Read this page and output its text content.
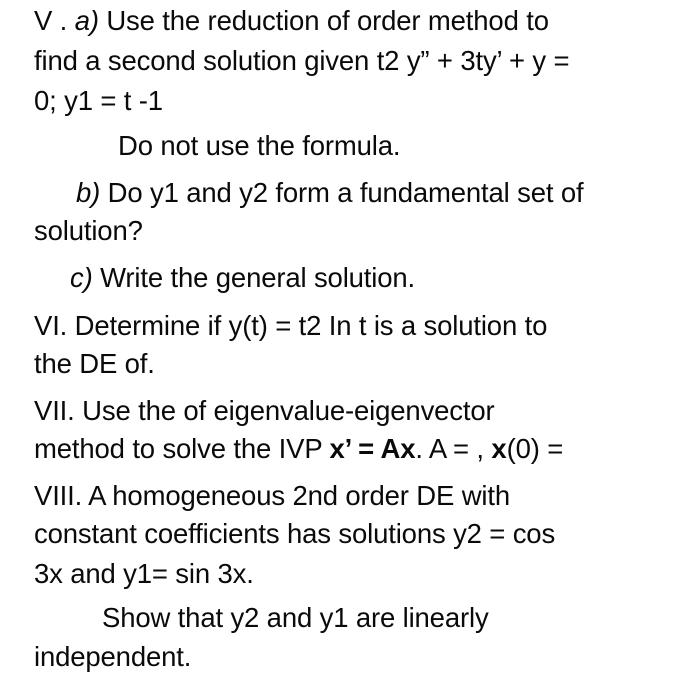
V . a) Use the reduction of order method to
find a second solution given t2 y” + 3ty’ + y =
0; y1 = t -1
Do not use the formula.
b) Do y1 and y2 form a fundamental set of
solution?
c) Write the general solution.
VI. Determine if y(t) = t2 In t is a solution to
the DE of.
VII. Use the of eigenvalue-eigenvector
method to solve the IVP x’ = Ax. A = , x(0) =
VIII. A homogeneous 2nd order DE with
constant coefficients has solutions y2 = cos
3x and y1= sin 3x.
Show that y2 and y1 are linearly
independent.
